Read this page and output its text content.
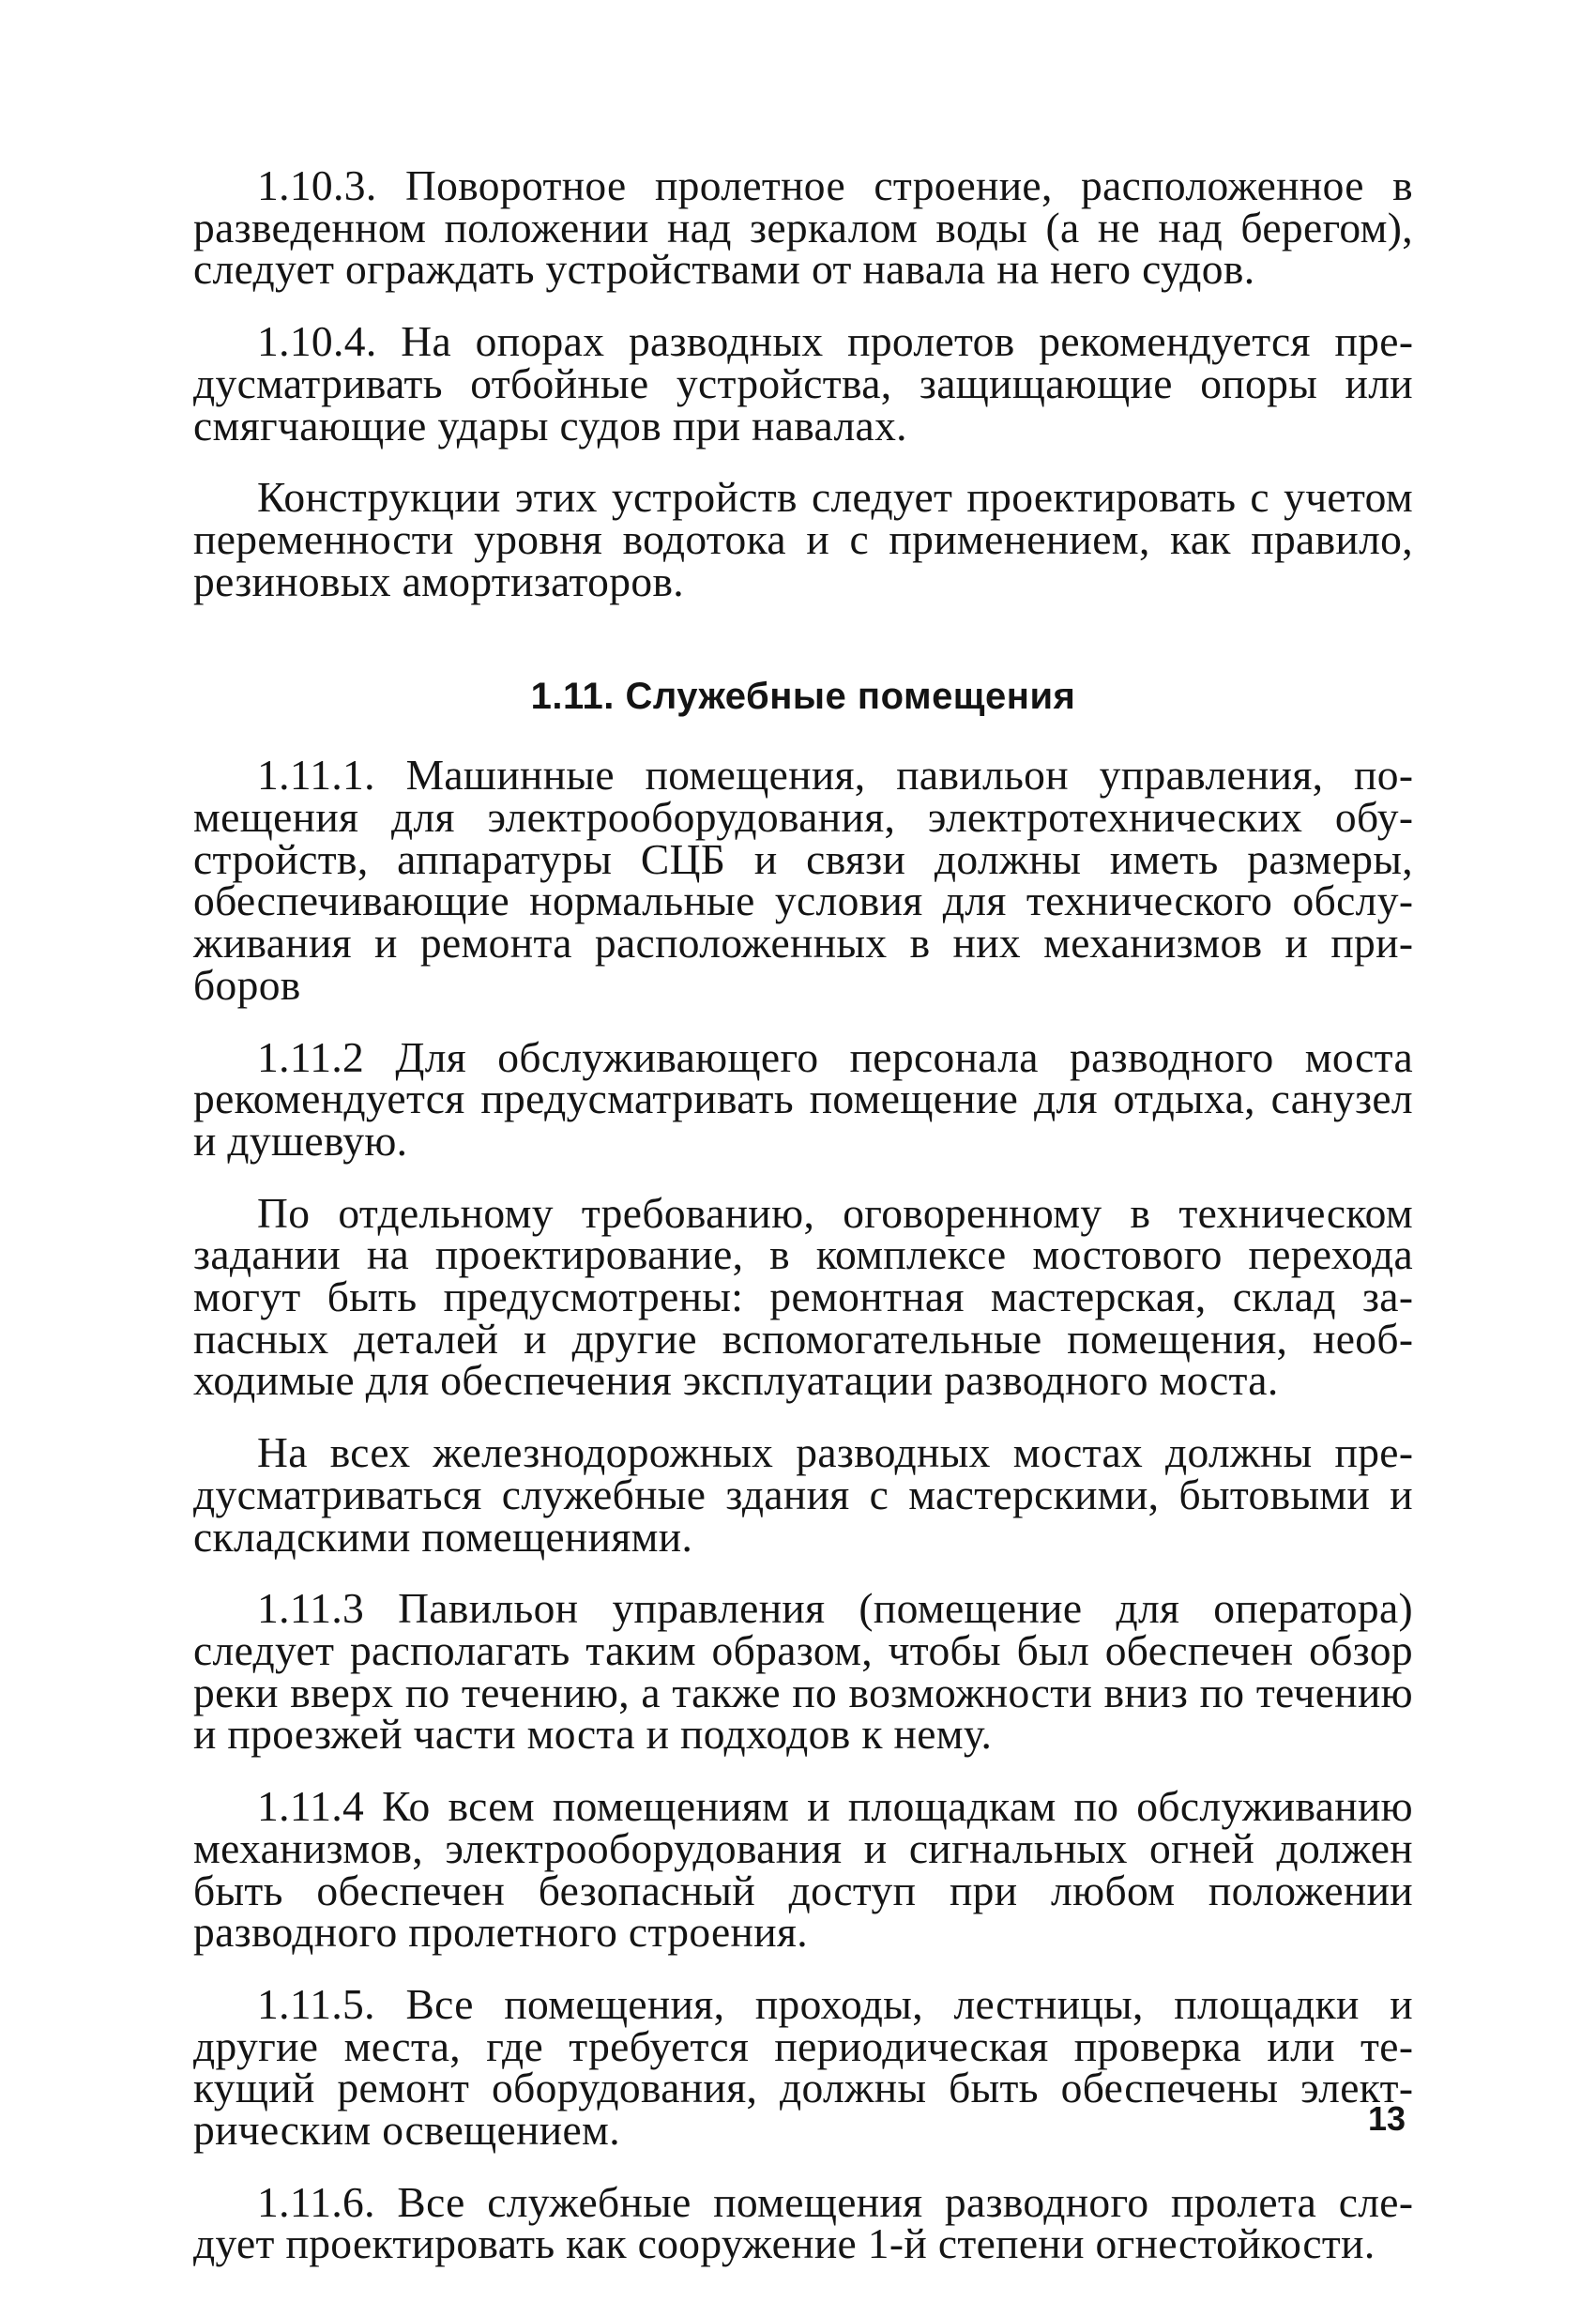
1.10.3. Поворотное пролетное строение, расположенное в разведенном положении над зеркалом воды (а не над берегом), следует ограждать устройствами от навала на него судов.

1.10.4. На опорах разводных пролетов рекомендуется предусматривать отбойные устройства, защищающие опоры или смягчающие удары судов при навалах.

Конструкции этих устройств следует проектировать с учетом переменности уровня водотока и с применением, как правило, резиновых амортизаторов.

1.11. Служебные помещения

1.11.1. Машинные помещения, павильон управления, помещения для электрооборудования, электротехнических обустройств, аппаратуры СЦБ и связи должны иметь размеры, обеспечивающие нормальные условия для технического обслуживания и ремонта расположенных в них механизмов и приборов

1.11.2 Для обслуживающего персонала разводного моста рекомендуется предусматривать помещение для отдыха, санузел и душевую.

По отдельному требованию, оговоренному в техническом задании на проектирование, в комплексе мостового перехода могут быть предусмотрены: ремонтная мастерская, склад запасных деталей и другие вспомогательные помещения, необходимые для обеспечения эксплуатации разводного моста.

На всех железнодорожных разводных мостах должны предусматриваться служебные здания с мастерскими, бытовыми и складскими помещениями.

1.11.3 Павильон управления (помещение для оператора) следует располагать таким образом, чтобы был обеспечен обзор реки вверх по течению, а также по возможности вниз по течению и проезжей части моста и подходов к нему.

1.11.4 Ко всем помещениям и площадкам по обслуживанию механизмов, электрооборудования и сигнальных огней должен быть обеспечен безопасный доступ при любом положении разводного пролетного строения.

1.11.5. Все помещения, проходы, лестницы, площадки и другие места, где требуется периодическая проверка или текущий ремонт оборудования, должны быть обеспечены электрическим освещением.

1.11.6. Все служебные помещения разводного пролета следует проектировать как сооружение 1-й степени огнестойкости.

13
